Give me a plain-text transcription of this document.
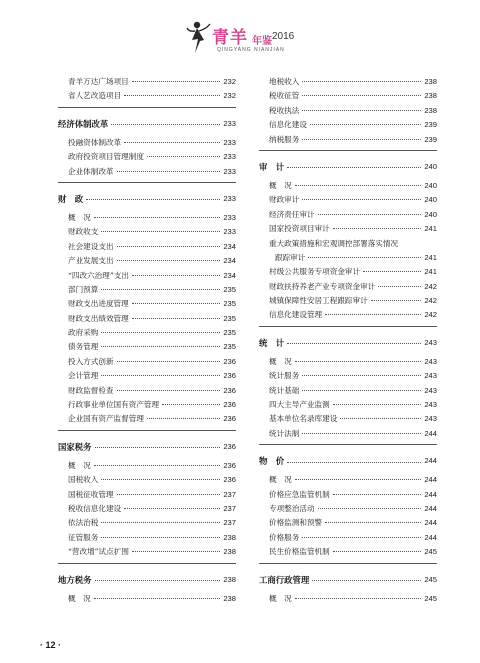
青羊 年鉴 2016
QINGYANG NIANJIAN
青羊万达广场项目	232
省人艺改造项目	232
经济体制改革	233
投融资体制改革	233
政府投资项目管理制度	233
企业体制改革	233
财　政	233
概　况	233
财政收支	233
社会建设支出	234
产业发展支出	234
“四改六治理”支出	234
部门预算	235
财政支出进度管理	235
财政支出绩效管理	235
政府采购	235
债务管理	235
投入方式创新	236
会计管理	236
财政监督检查	236
行政事业单位国有资产管理	236
企业国有资产监督管理	236
国家税务	236
概　况	236
国税收入	236
国税征收管理	237
税收信息化建设	237
依法治税	237
征管服务	238
“营改增”试点扩围	238
地方税务	238
概　况	238
地税收入	238
税收征管	238
税收执法	238
信息化建设	239
纳税服务	239
审　计	240
概　况	240
财政审计	240
经济责任审计	240
国家投资项目审计	241
重大政策措施和宏观调控部署落实情况
跟踪审计	241
村级公共服务专项资金审计	241
财政扶持养老产业专项资金审计	242
城镇保障性安居工程跟踪审计	242
信息化建设管理	242
统　计	243
概　况	243
统计服务	243
统计基础	243
四大主导产业监测	243
基本单位名录库建设	243
统计法制	244
物　价	244
概　况	244
价格应急监管机制	244
专项整治活动	244
价格监测和预警	244
价格服务	244
民生价格监管机制	245
工商行政管理	245
概　况	245
· 12 ·
